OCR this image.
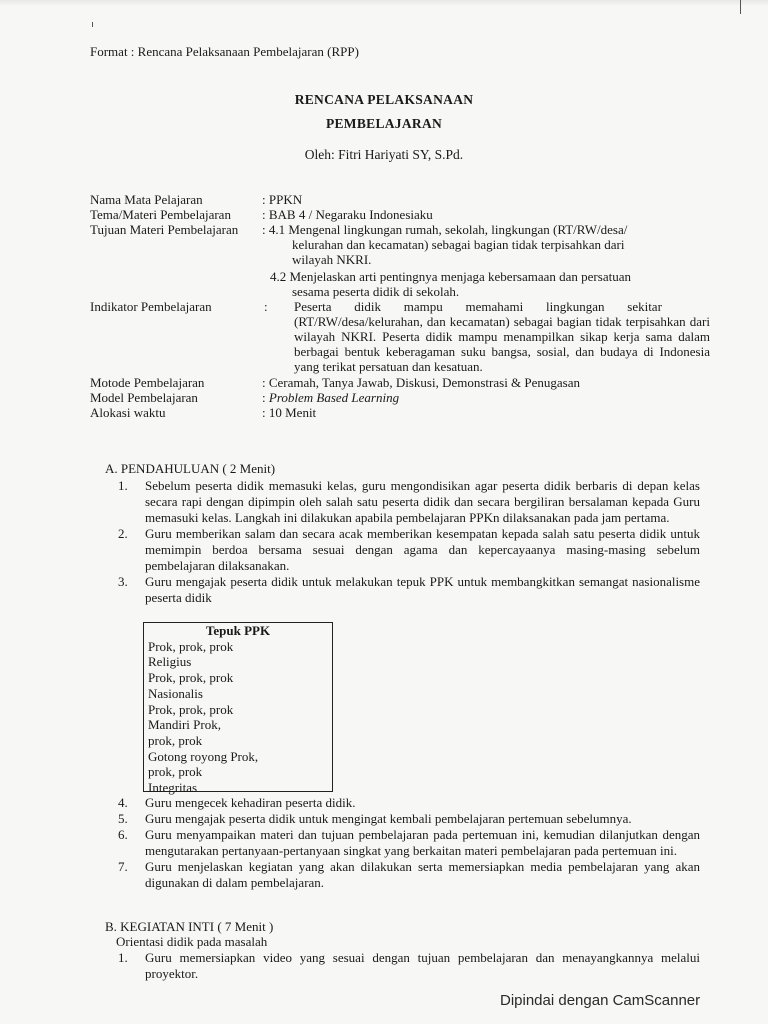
Format : Rencana Pelaksanaan Pembelajaran (RPP)
RENCANA PELAKSANAAN
PEMBELAJARAN
Oleh: Fitri Hariyati SY, S.Pd.
Nama Mata Pelajaran	: PPKN
Tema/Materi Pembelajaran	: BAB 4 / Negaraku Indonesiaku
Tujuan Materi Pembelajaran	: 4.1 Mengenal lingkungan rumah, sekolah, lingkungan (RT/RW/desa/
kelurahan dan kecamatan) sebagai bagian tidak terpisahkan dari
wilayah NKRI.
4.2 Menjelaskan arti pentingnya menjaga kebersamaan dan persatuan
sesama peserta didik di sekolah.
Indikator Pembelajaran	:	Peserta       didik       mampu       memahami       lingkungan       sekitar
(RT/RW/desa/kelurahan, dan kecamatan) sebagai bagian tidak terpisahkan dari wilayah NKRI. Peserta didik mampu menampilkan sikap kerja sama dalam berbagai bentuk keberagaman suku bangsa, sosial, dan budaya di Indonesia yang terikat persatuan dan kesatuan.
Motode Pembelajaran	: Ceramah, Tanya Jawab, Diskusi, Demonstrasi & Penugasan
Model Pembelajaran	: Problem Based Learning
Alokasi waktu	: 10 Menit
A. PENDAHULUAN ( 2 Menit)
1.	Sebelum peserta didik memasuki kelas, guru mengondisikan agar peserta didik berbaris di depan kelas secara rapi dengan dipimpin oleh salah satu peserta didik dan secara bergiliran bersalaman kepada Guru memasuki kelas. Langkah ini dilakukan apabila pembelajaran PPKn dilaksanakan pada jam pertama.
2.	Guru memberikan salam dan secara acak memberikan kesempatan kepada salah satu peserta didik untuk memimpin berdoa bersama sesuai dengan agama dan kepercayaanya masing-masing sebelum pembelajaran dilaksanakan.
3.	Guru mengajak peserta didik untuk melakukan tepuk PPK untuk membangkitkan semangat nasionalisme peserta didik
Tepuk PPK
Prok, prok, prok
Religius
Prok, prok, prok
Nasionalis
Prok, prok, prok
Mandiri Prok,
prok, prok
Gotong royong Prok,
prok, prok
Integritas
4.	Guru mengecek kehadiran peserta didik.
5.	Guru mengajak peserta didik untuk mengingat kembali pembelajaran pertemuan sebelumnya.
6.	Guru menyampaikan materi dan tujuan pembelajaran pada pertemuan ini, kemudian dilanjutkan dengan mengutarakan pertanyaan-pertanyaan singkat yang berkaitan materi pembelajaran pada pertemuan ini.
7.	Guru menjelaskan kegiatan yang akan dilakukan serta memersiapkan media pembelajaran yang akan digunakan di dalam pembelajaran.
B. KEGIATAN INTI ( 7 Menit )
Orientasi didik pada masalah
1.	Guru memersiapkan video yang sesuai dengan tujuan pembelajaran dan menayangkannya melalui proyektor.
Dipindai dengan CamScanner
